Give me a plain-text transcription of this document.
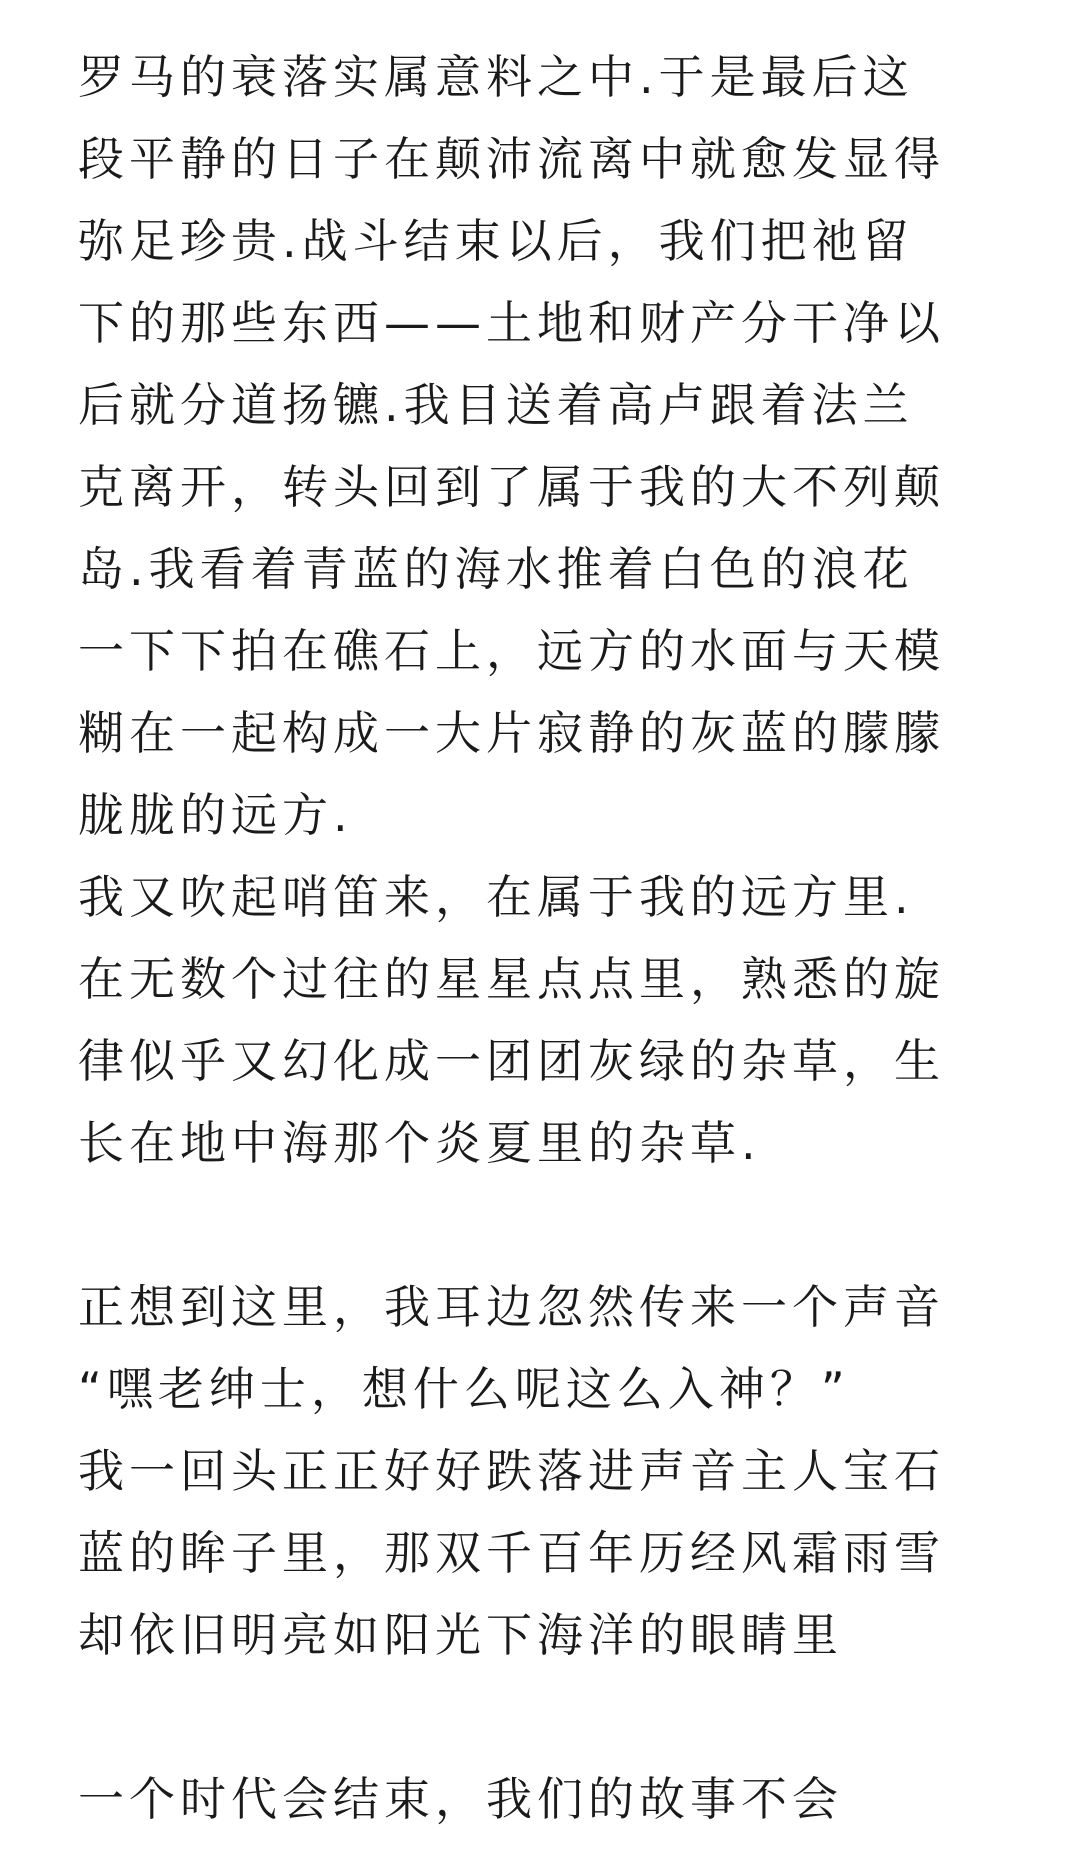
罗马的衰落实属意料之中.于是最后这
段平静的日子在颠沛流离中就愈发显得
弥足珍贵.战斗结束以后，我们把祂留
下的那些东西——土地和财产分干净以
后就分道扬镳.我目送着高卢跟着法兰
克离开，转头回到了属于我的大不列颠
岛.我看着青蓝的海水推着白色的浪花
一下下拍在礁石上，远方的水面与天模
糊在一起构成一大片寂静的灰蓝的朦朦
胧胧的远方.
我又吹起哨笛来，在属于我的远方里.
在无数个过往的星星点点里，熟悉的旋
律似乎又幻化成一团团灰绿的杂草，生
长在地中海那个炎夏里的杂草.
正想到这里，我耳边忽然传来一个声音
“嘿老绅士，想什么呢这么入神？”
我一回头正正好好跌落进声音主人宝石
蓝的眸子里，那双千百年历经风霜雨雪
却依旧明亮如阳光下海洋的眼睛里
一个时代会结束，我们的故事不会
